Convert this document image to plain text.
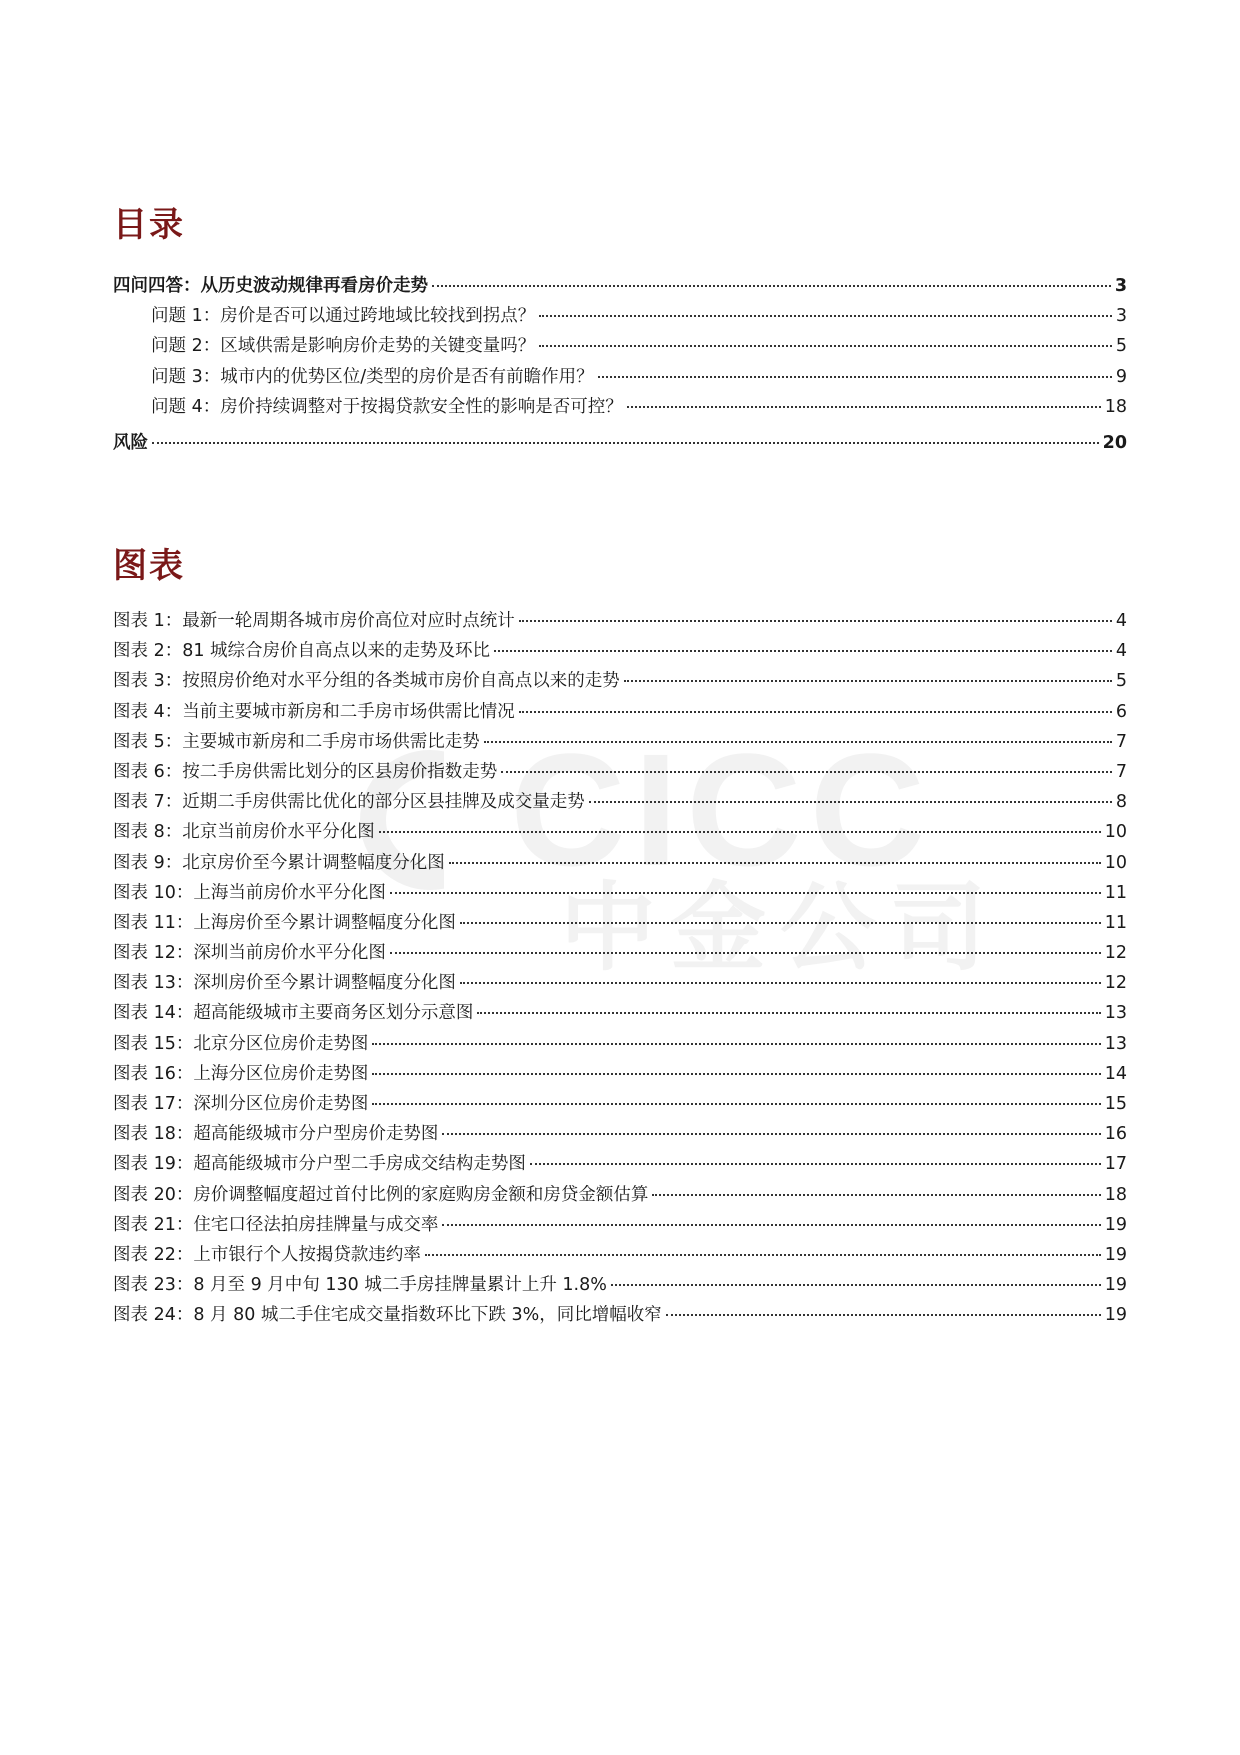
CICC
中金公司
目录
四问四答：从历史波动规律再看房价走势	3
问题 1：房价是否可以通过跨地域比较找到拐点？	3
问题 2：区域供需是影响房价走势的关键变量吗？	5
问题 3：城市内的优势区位/类型的房价是否有前瞻作用？	9
问题 4：房价持续调整对于按揭贷款安全性的影响是否可控？	18
风险	20
图表
图表 1：最新一轮周期各城市房价高位对应时点统计	4
图表 2：81 城综合房价自高点以来的走势及环比	4
图表 3：按照房价绝对水平分组的各类城市房价自高点以来的走势	5
图表 4：当前主要城市新房和二手房市场供需比情况	6
图表 5：主要城市新房和二手房市场供需比走势	7
图表 6：按二手房供需比划分的区县房价指数走势	7
图表 7：近期二手房供需比优化的部分区县挂牌及成交量走势	8
图表 8：北京当前房价水平分化图	10
图表 9：北京房价至今累计调整幅度分化图	10
图表 10：上海当前房价水平分化图	11
图表 11：上海房价至今累计调整幅度分化图	11
图表 12：深圳当前房价水平分化图	12
图表 13：深圳房价至今累计调整幅度分化图	12
图表 14：超高能级城市主要商务区划分示意图	13
图表 15：北京分区位房价走势图	13
图表 16：上海分区位房价走势图	14
图表 17：深圳分区位房价走势图	15
图表 18：超高能级城市分户型房价走势图	16
图表 19：超高能级城市分户型二手房成交结构走势图	17
图表 20：房价调整幅度超过首付比例的家庭购房金额和房贷金额估算	18
图表 21：住宅口径法拍房挂牌量与成交率	19
图表 22：上市银行个人按揭贷款违约率	19
图表 23：8 月至 9 月中旬 130 城二手房挂牌量累计上升 1.8%	19
图表 24：8 月 80 城二手住宅成交量指数环比下跌 3%，同比增幅收窄	19
